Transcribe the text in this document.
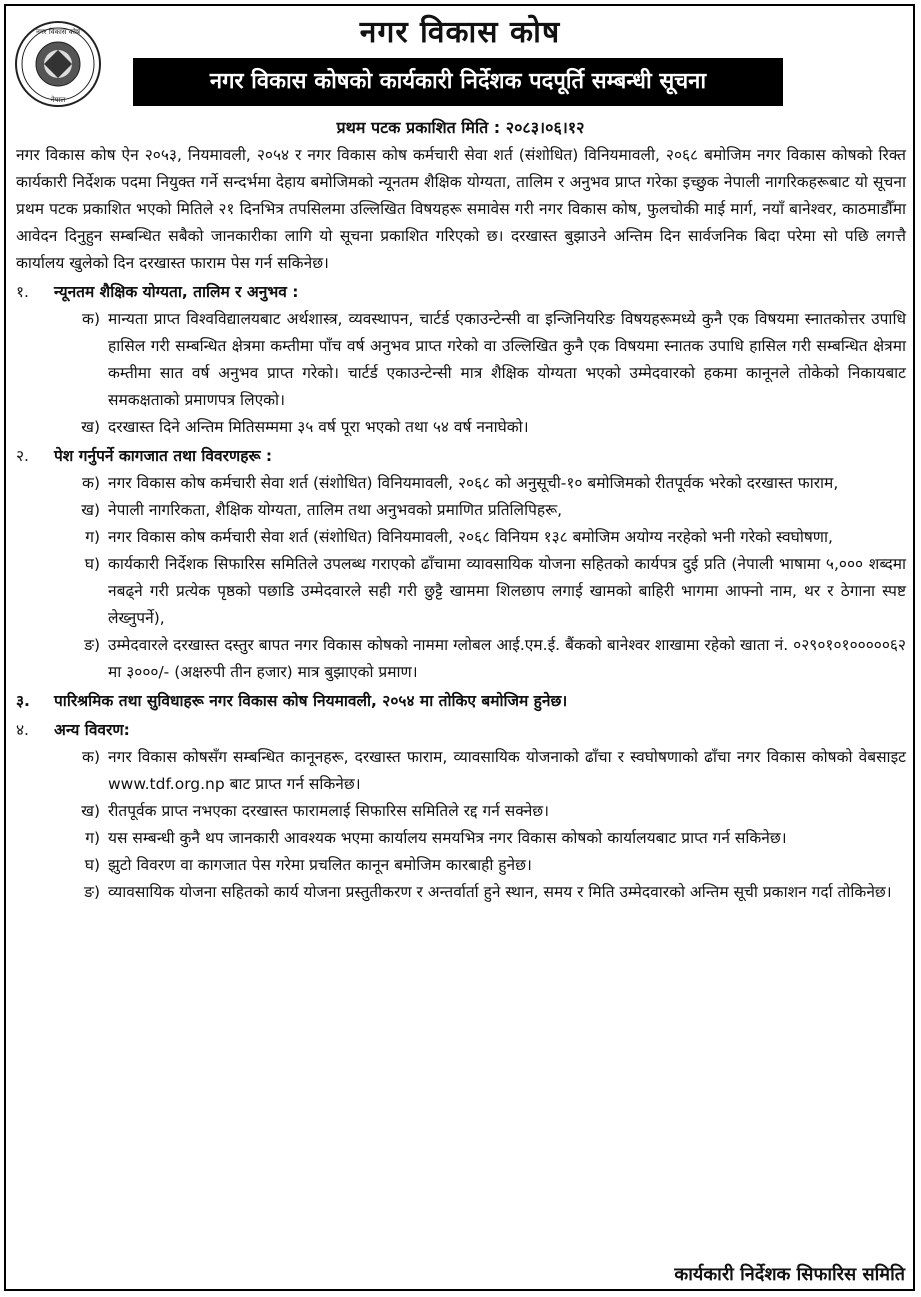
नगर विकास कोष
नेपाल
नगर विकास कोष
नगर विकास कोषको कार्यकारी निर्देशक पदपूर्ति सम्बन्धी सूचना
प्रथम पटक प्रकाशित मिति : २०८३।०६।१२

नगर विकास कोष ऐन २०५३, नियमावली, २०५४ र नगर विकास कोष कर्मचारी सेवा शर्त (संशोधित) विनियमावली, २०६८ बमोजिम नगर विकास कोषको रिक्त कार्यकारी निर्देशक पदमा नियुक्त गर्ने सन्दर्भमा देहाय बमोजिमको न्यूनतम शैक्षिक योग्यता, तालिम र अनुभव प्राप्त गरेका इच्छुक नेपाली नागरिकहरूबाट यो सूचना प्रथम पटक प्रकाशित भएको मितिले २१ दिनभित्र तपसिलमा उल्लिखित विषयहरू समावेस गरी नगर विकास कोष, फुलचोकी माई मार्ग, नयाँ बानेश्वर, काठमाडौँमा आवेदन दिनुहुन सम्बन्धित सबैको जानकारीका लागि यो सूचना प्रकाशित गरिएको छ। दरखास्त बुझाउने अन्तिम दिन सार्वजनिक बिदा परेमा सो पछि लगत्तै कार्यालय खुलेको दिन दरखास्त फाराम पेस गर्न सकिनेछ।

१.	न्यूनतम शैक्षिक योग्यता, तालिम र अनुभव :
क) मान्यता प्राप्त विश्वविद्यालयबाट अर्थशास्त्र, व्यवस्थापन, चार्टर्ड एकाउन्टेन्सी वा इन्जिनियरिङ विषयहरूमध्ये कुनै एक विषयमा स्नातकोत्तर उपाधि हासिल गरी सम्बन्धित क्षेत्रमा कम्तीमा पाँच वर्ष अनुभव प्राप्त गरेको वा उल्लिखित कुनै एक विषयमा स्नातक उपाधि हासिल गरी सम्बन्धित क्षेत्रमा कम्तीमा सात वर्ष अनुभव प्राप्त गरेको। चार्टर्ड एकाउन्टेन्सी मात्र शैक्षिक योग्यता भएको उम्मेदवारको हकमा कानूनले तोकेको निकायबाट समकक्षताको प्रमाणपत्र लिएको।
ख) दरखास्त दिने अन्तिम मितिसम्ममा ३५ वर्ष पूरा भएको तथा ५४ वर्ष ननाघेको।
२.	पेश गर्नुपर्ने कागजात तथा विवरणहरू :
क) नगर विकास कोष कर्मचारी सेवा शर्त (संशोधित) विनियमावली, २०६८ को अनुसूची-१० बमोजिमको रीतपूर्वक भरेको दरखास्त फाराम,
ख) नेपाली नागरिकता, शैक्षिक योग्यता, तालिम तथा अनुभवको प्रमाणित प्रतिलिपिहरू,
ग) नगर विकास कोष कर्मचारी सेवा शर्त (संशोधित) विनियमावली, २०६८ विनियम १३८ बमोजिम अयोग्य नरहेको भनी गरेको स्वघोषणा,
घ) कार्यकारी निर्देशक सिफारिस समितिले उपलब्ध गराएको ढाँचामा व्यावसायिक योजना सहितको कार्यपत्र दुई प्रति (नेपाली भाषामा ५,००० शब्दमा नबढ्ने गरी प्रत्येक पृष्ठको पछाडि उम्मेदवारले सही गरी छुट्टै खाममा शिलछाप लगाई खामको बाहिरी भागमा आफ्नो नाम, थर र ठेगाना स्पष्ट लेख्नुपर्ने),
ङ) उम्मेदवारले दरखास्त दस्तुर बापत नगर विकास कोषको नाममा ग्लोबल आई.एम.ई. बैंकको बानेश्वर शाखामा रहेको खाता नं. ०२९०१०१०००००६२ मा ३०००/- (अक्षरुपी तीन हजार) मात्र बुझाएको प्रमाण।
३.	पारिश्रमिक तथा सुविधाहरू नगर विकास कोष नियमावली, २०५४ मा तोकिए बमोजिम हुनेछ।
४.	अन्य विवरण:
क) नगर विकास कोषसँग सम्बन्धित कानूनहरू, दरखास्त फाराम, व्यावसायिक योजनाको ढाँचा र स्वघोषणाको ढाँचा नगर विकास कोषको वेबसाइट www.tdf.org.np बाट प्राप्त गर्न सकिनेछ।
ख) रीतपूर्वक प्राप्त नभएका दरखास्त फारामलाई सिफारिस समितिले रद्द गर्न सक्नेछ।
ग) यस सम्बन्धी कुनै थप जानकारी आवश्यक भएमा कार्यालय समयभित्र नगर विकास कोषको कार्यालयबाट प्राप्त गर्न सकिनेछ।
घ) झुटो विवरण वा कागजात पेस गरेमा प्रचलित कानून बमोजिम कारबाही हुनेछ।
ङ) व्यावसायिक योजना सहितको कार्य योजना प्रस्तुतीकरण र अन्तर्वार्ता हुने स्थान, समय र मिति उम्मेदवारको अन्तिम सूची प्रकाशन गर्दा तोकिनेछ।
कार्यकारी निर्देशक सिफारिस समिति
